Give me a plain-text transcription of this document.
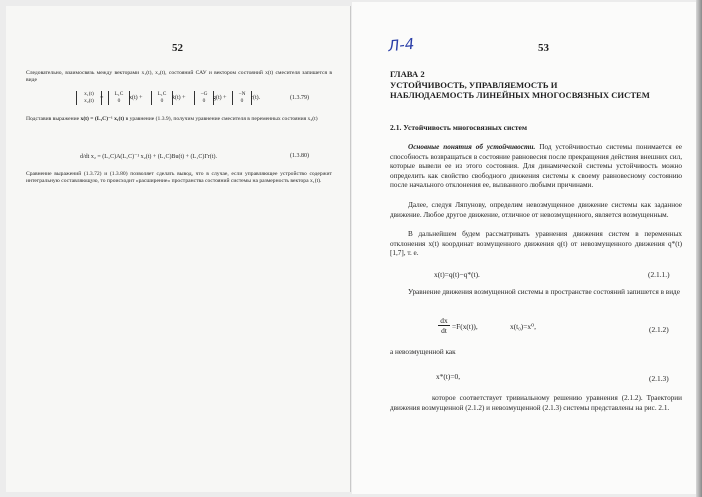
52
Следовательно, взаимосвязь между векторами x₁(t), x₂(t), состояний САУ и вектором состояний x(t) смесителя запишется в виде
x₁(t)
x₂(t)	=
L₁C
0	x(t) +
L₁C
0	ẋ(t) +
−G
0	g(t) +
−N
0	r(t).	(1.3.79)
Подставив выражение x(t) = (L₁C)⁻¹ x₁(t) в уравнение (1.3.9), получим уравнение смесителя в переменных состояния x₂(t)
d/dt x₂ = (L₁C)A(L₁C)⁻¹ x₂(t) + (L₁C)Bu(t) + (L₁C)Γr(t).	(1.3.80)
Сравнение выражений (1.3.72) и (1.3.80) позволяет сделать вывод, что в случае, если управляющее устройство содержит интегральную составляющую, то происходит «расширение» пространства состояний системы на размерность вектора x₁(t).
Л-4	53
ГЛАВА 2
УСТОЙЧИВОСТЬ, УПРАВЛЯЕМОСТЬ И
НАБЛЮДАЕМОСТЬ ЛИНЕЙНЫХ МНОГОСВЯЗНЫХ СИСТЕМ
2.1. Устойчивость многосвязных систем
Основные понятия об устойчивости. Под устойчивостью системы понимается ее способность возвращаться в состояние равновесия после прекращения действия внешних сил, которые вывели ее из этого состояния. Для динамической системы устойчивость можно определить как свойство свободного движения системы к своему равновесному состоянию после начального отклонения ее, вызванного любыми причинами.
Далее, следуя Ляпунову, определим невозмущенное движение системы как заданное движение. Любое другое движение, отличное от невозмущенного, является возмущенным.
В дальнейшем будем рассматривать уравнения движения систем в переменных отклонения x(t) координат возмущенного движения q(t) от невозмущенного движения q*(t) [1,7], т. е.
x(t)=q(t)−q*(t).	(2.1.1.)
Уравнение движения возмущенной системы в пространстве состояний запишется в виде
$\frac{dx}{dt} =F(x(t))$,	x(t₀)=x⁰,	(2.1.2)
а невозмущенной как
x*(t)=0,	(2.1.3)
которое соответствует тривиальному решению уравнения (2.1.2). Траектории движения возмущенной (2.1.2) и невозмущенной (2.1.3) системы представлены на рис. 2.1.
